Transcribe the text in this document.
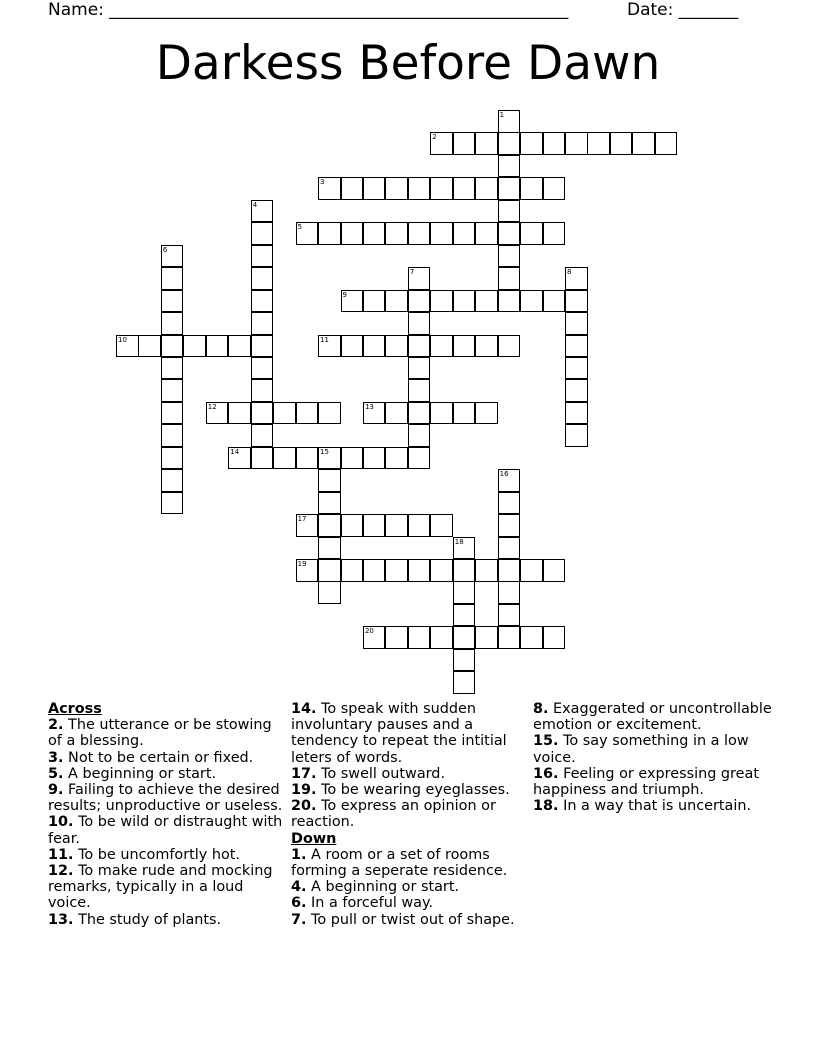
Name: ______________________________________________________	Date: _______
Darkess Before Dawn
1
2
3
4
5
6
7	8
9
10	11
12	13
14	15
16
17
18
19
20
Across
2. The utterance or be stowing of a blessing.
3. Not to be certain or fixed.
5. A beginning or start.
9. Failing to achieve the desired results; unproductive or useless.
10. To be wild or distraught with fear.
11. To be uncomfortly hot.
12. To make rude and mocking remarks, typically in a loud voice.
13. The study of plants.
14. To speak with sudden involuntary pauses and a tendency to repeat the intitial leters of words.
17. To swell outward.
19. To be wearing eyeglasses.
20. To express an opinion or reaction.
Down
1. A room or a set of rooms forming a seperate residence.
4. A beginning or start.
6. In a forceful way.
7. To pull or twist out of shape.
8. Exaggerated or uncontrollable emotion or excitement.
15. To say something in a low voice.
16. Feeling or expressing great happiness and triumph.
18. In a way that is uncertain.
